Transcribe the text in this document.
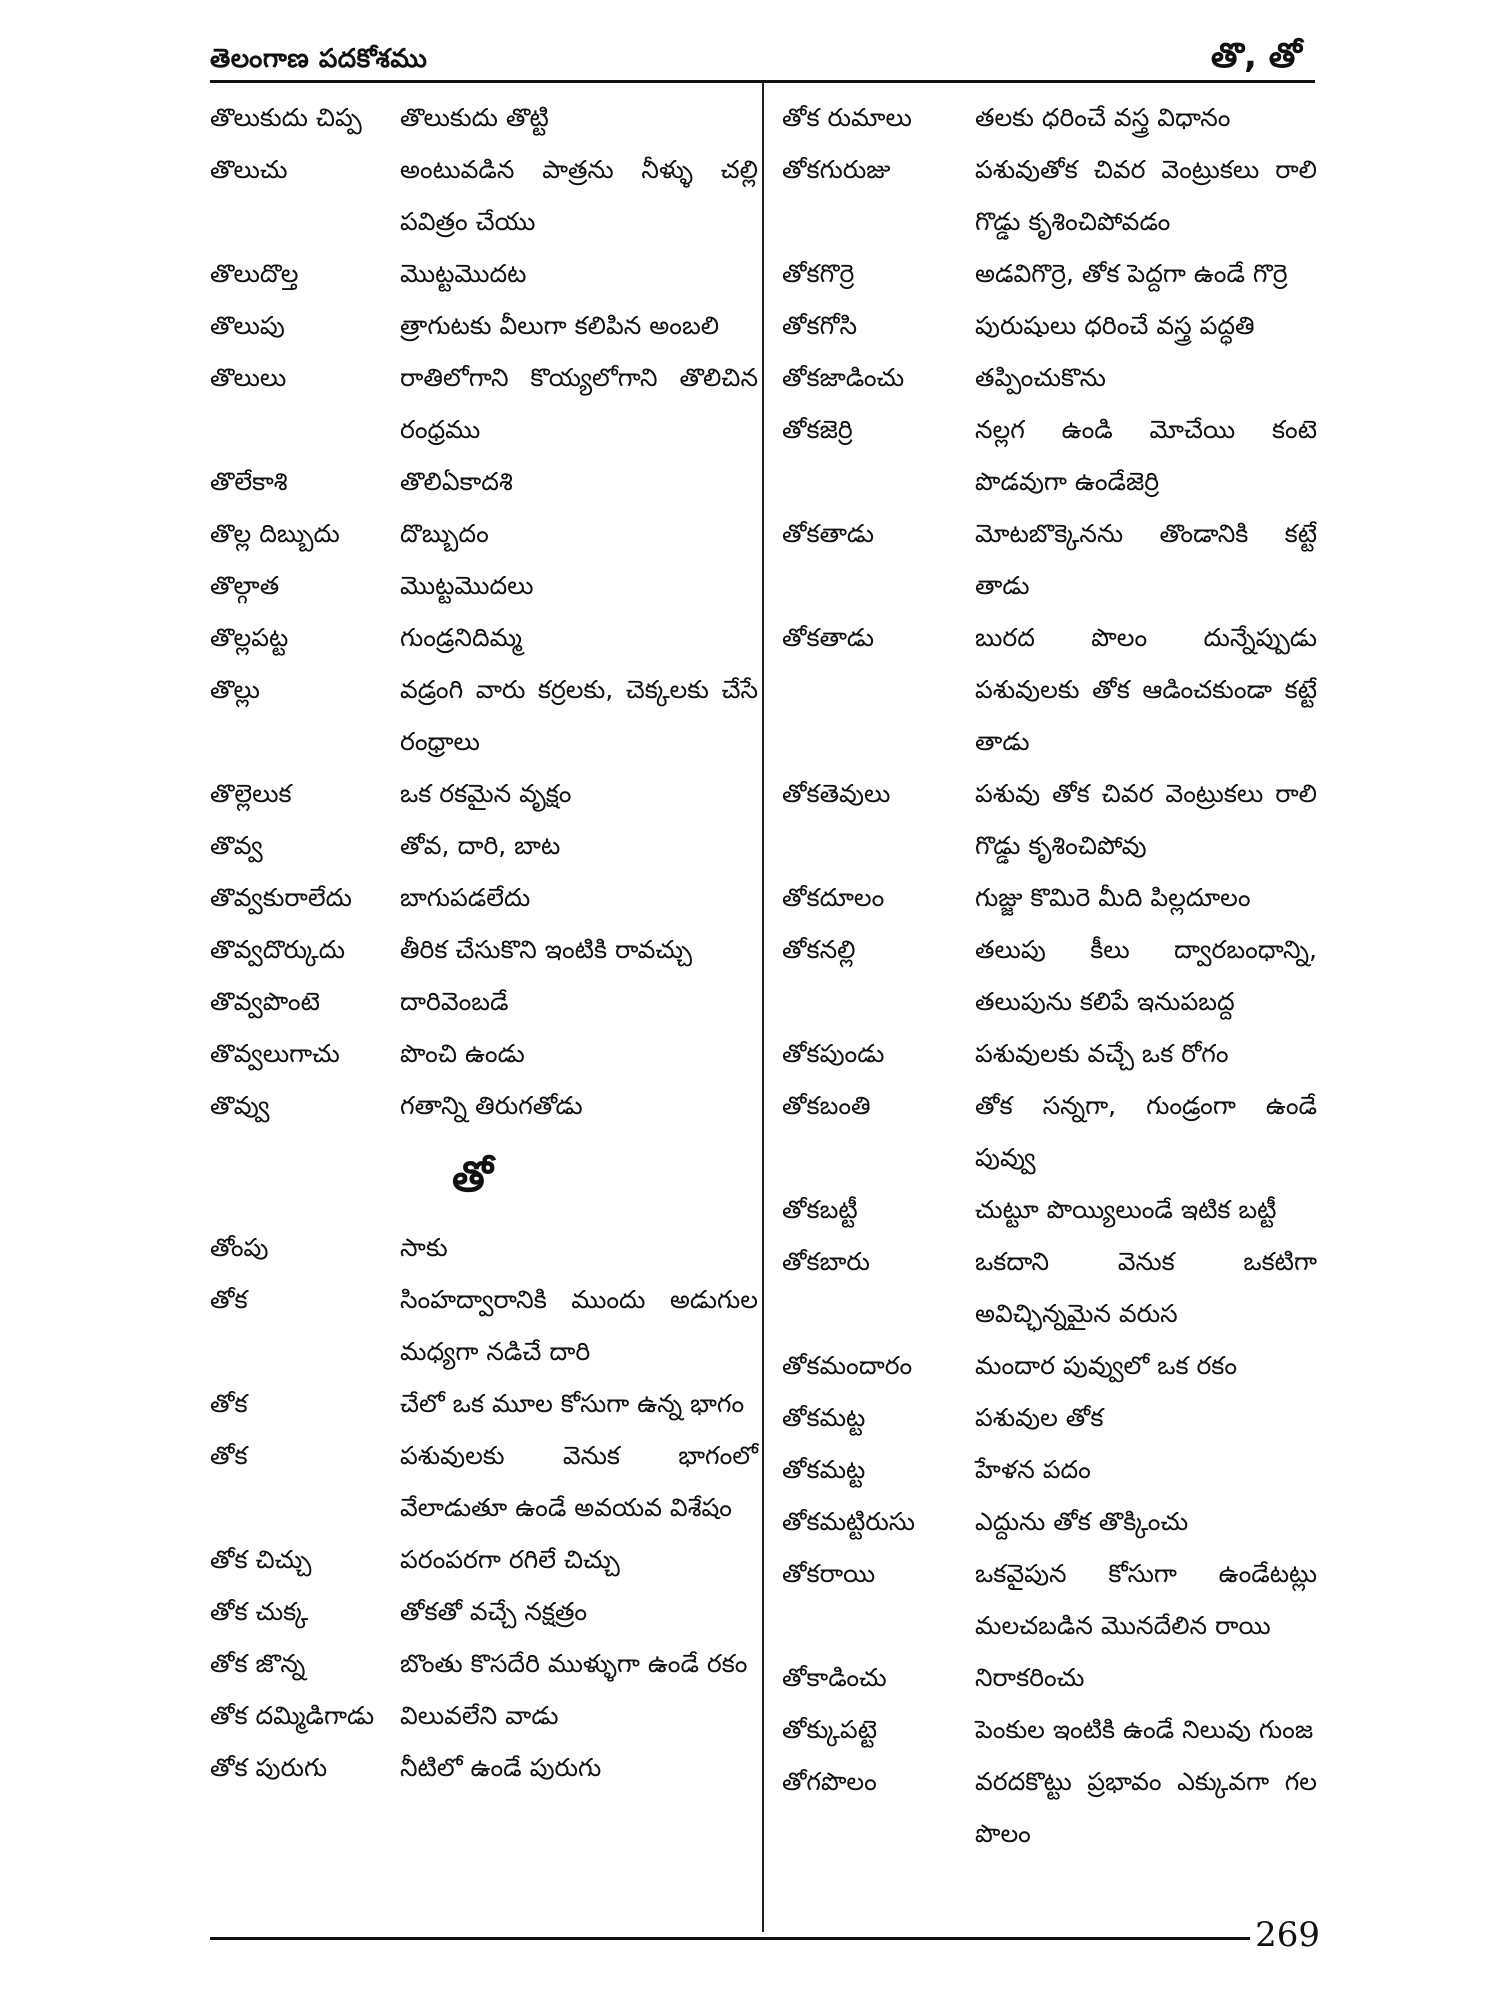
తెలంగాణ పదకోశము	తొ, తో
తొలుకుదు చిప్ప	తొలుకుదు తొట్టి
తొలుచు	అంటువడిన పాత్రను నీళ్ళు చల్లి పవిత్రం చేయు
తొలుదొల్త	మొట్టమొదట
తొలుపు	త్రాగుటకు వీలుగా కలిపిన అంబలి
తొలులు	రాతిలోగాని కొయ్యలోగాని తొలిచిన రంధ్రము
తొలేకాశి	తొలిఏకాదశి
తొల్ల దిబ్బుదు	దొబ్బుదం
తొల్గాత	మొట్టమొదలు
తొల్లపట్ట	గుండ్రనిదిమ్మ
తొల్లు	వడ్రంగి వారు కర్రలకు, చెక్కలకు చేసే రంధ్రాలు
తొల్లెలుక	ఒక రకమైన వృక్షం
తొవ్వ	తోవ, దారి, బాట
తొవ్వకురాలేదు	బాగుపడలేదు
తొవ్వదొర్కుదు	తీరిక చేసుకొని ఇంటికి రావచ్చు
తొవ్వపొంటె	దారివెంబడే
తొవ్వలుగాచు	పొంచి ఉండు
తొవ్వు	గతాన్ని తిరుగతోడు
తో
తోంపు	సాకు
తోక	సింహద్వారానికి ముందు అడుగుల మధ్యగా నడిచే దారి
తోక	చేలో ఒక మూల కోసుగా ఉన్న భాగం
తోక	పశువులకు వెనుక భాగంలో వేలాడుతూ ఉండే అవయవ విశేషం
తోక చిచ్చు	పరంపరగా రగిలే చిచ్చు
తోక చుక్క	తోకతో వచ్చే నక్షత్రం
తోక జొన్న	బొంతు కొసదేరి ముళ్ళుగా ఉండే రకం
తోక దమ్మిడిగాడు	విలువలేని వాడు
తోక పురుగు	నీటిలో ఉండే పురుగు
తోక రుమాలు	తలకు ధరించే వస్త్ర విధానం
తోకగురుజు	పశువుతోక చివర వెంట్రుకలు రాలి గొడ్డు కృశించిపోవడం
తోకగొర్రె	అడవిగొర్రె, తోక పెద్దగా ఉండే గొర్రె
తోకగోసి	పురుషులు ధరించే వస్త్ర పద్ధతి
తోకజాడించు	తప్పించుకొను
తోకజెర్రి	నల్లగ ఉండి మోచేయి కంటె పొడవుగా ఉండేజెర్రి
తోకతాడు	మోటబొక్కెనను తొండానికి కట్టే తాడు
తోకతాడు	బురద పొలం దున్నేప్పుడు పశువులకు తోక ఆడించకుండా కట్టే తాడు
తోకతెవులు	పశువు తోక చివర వెంట్రుకలు రాలి గొడ్డు కృశించిపోవు
తోకదూలం	గుజ్జు కొమిరె మీది పిల్లదూలం
తోకనల్లి	తలుపు కీలు ద్వారబంధాన్ని, తలుపును కలిపే ఇనుపబద్ద
తోకపుండు	పశువులకు వచ్చే ఒక రోగం
తోకబంతి	తోక సన్నగా, గుండ్రంగా ఉండే పువ్వు
తోకబట్టీ	చుట్టూ పొయ్యిలుండే ఇటిక బట్టీ
తోకబారు	ఒకదాని వెనుక ఒకటిగా అవిచ్ఛిన్నమైన వరుస
తోకమందారం	మందార పువ్వులో ఒక రకం
తోకమట్ట	పశువుల తోక
తోకమట్ట	హేళన పదం
తోకమట్టిరుసు	ఎద్దును తోక తొక్కించు
తోకరాయి	ఒకవైపున కోసుగా ఉండేటట్లు మలచబడిన మొనదేలిన రాయి
తోకాడించు	నిరాకరించు
తోక్కుపట్టె	పెంకుల ఇంటికి ఉండే నిలువు గుంజ
తోగపొలం	వరదకొట్టు ప్రభావం ఎక్కువగా గల పొలం
269
